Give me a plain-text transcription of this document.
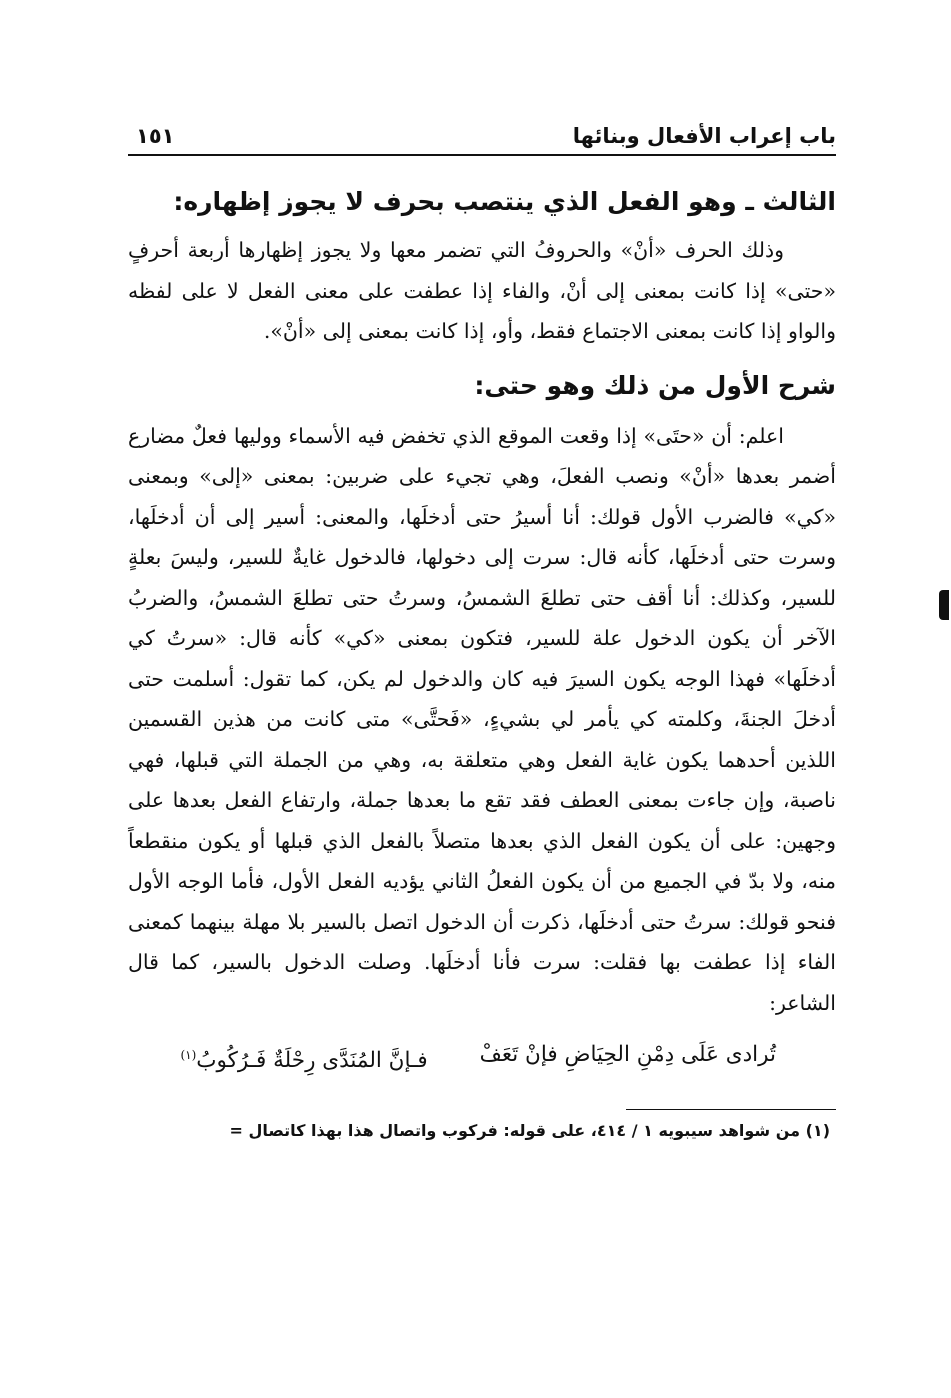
باب إعراب الأفعال وبنائها
١٥١
الثالث ـ وهو الفعل الذي ينتصب بحرف لا يجوز إظهاره:

وذلك الحرف «أنْ» والحروفُ التي تضمر معها ولا يجوز إظهارها أربعة أحرفٍ «حتى» إذا كانت بمعنى إلى أنْ، والفاء إذا عطفت على معنى الفعل لا على لفظه والواو إذا كانت بمعنى الاجتماع فقط، وأو، إذا كانت بمعنى إلى «أنْ».

شرح الأول من ذلك وهو حتى:

اعلم: أن «حتَى» إذا وقعت الموقع الذي تخفض فيه الأسماء ووليها فعلٌ مضارع أضمر بعدها «أنْ» ونصب الفعلَ، وهي تجيء على ضربين: بمعنى «إلى» وبمعنى «كي» فالضرب الأول قولك: أنا أسيرُ حتى أدخلَها، والمعنى: أسير إلى أن أدخلَها، وسرت حتى أدخلَها، كأنه قال: سرت إلى دخولها، فالدخول غايةٌ للسير، وليسَ بعلةٍ للسير، وكذلك: أنا أقف حتى تطلعَ الشمسُ، وسرتُ حتى تطلعَ الشمسُ، والضربُ الآخر أن يكون الدخول علة للسير، فتكون بمعنى «كي» كأنه قال: «سرتُ كي أدخلَها» فهذا الوجه يكون السيرَ فيه كان والدخول لم يكن، كما تقول: أسلمت حتى أدخلَ الجنةَ، وكلمته كي يأمر لي بشيءٍ، «فَحتَّى» متى كانت من هذين القسمين اللذين أحدهما يكون غاية الفعل وهي متعلقة به، وهي من الجملة التي قبلها، فهي ناصبة، وإن جاءت بمعنى العطف فقد تقع ما بعدها جملة، وارتفاع الفعل بعدها على وجهين: على أن يكون الفعل الذي بعدها متصلاً بالفعل الذي قبلها أو يكون منقطعاً منه، ولا بدّ في الجميع من أن يكون الفعلُ الثاني يؤديه الفعل الأول، فأما الوجه الأول فنحو قولك: سرتُ حتى أدخلَها، ذكرت أن الدخول اتصل بالسير بلا مهلة بينهما كمعنى الفاء إذا عطفت بها فقلت: سرت فأنا أدخلَها. وصلت الدخول بالسير، كما قال الشاعر:

تُرادى عَلَى دِمْنِ الحِيَاضِ فإنْ تَعَفْ
فـإنَّ المُنَدَّى رِحْلَةٌ فَـرُكُوبُ$^{(١)}$
(١) من شواهد سيبويه ١ / ٤١٤، على قوله: فركوب واتصال هذا بهذا كاتصال =
